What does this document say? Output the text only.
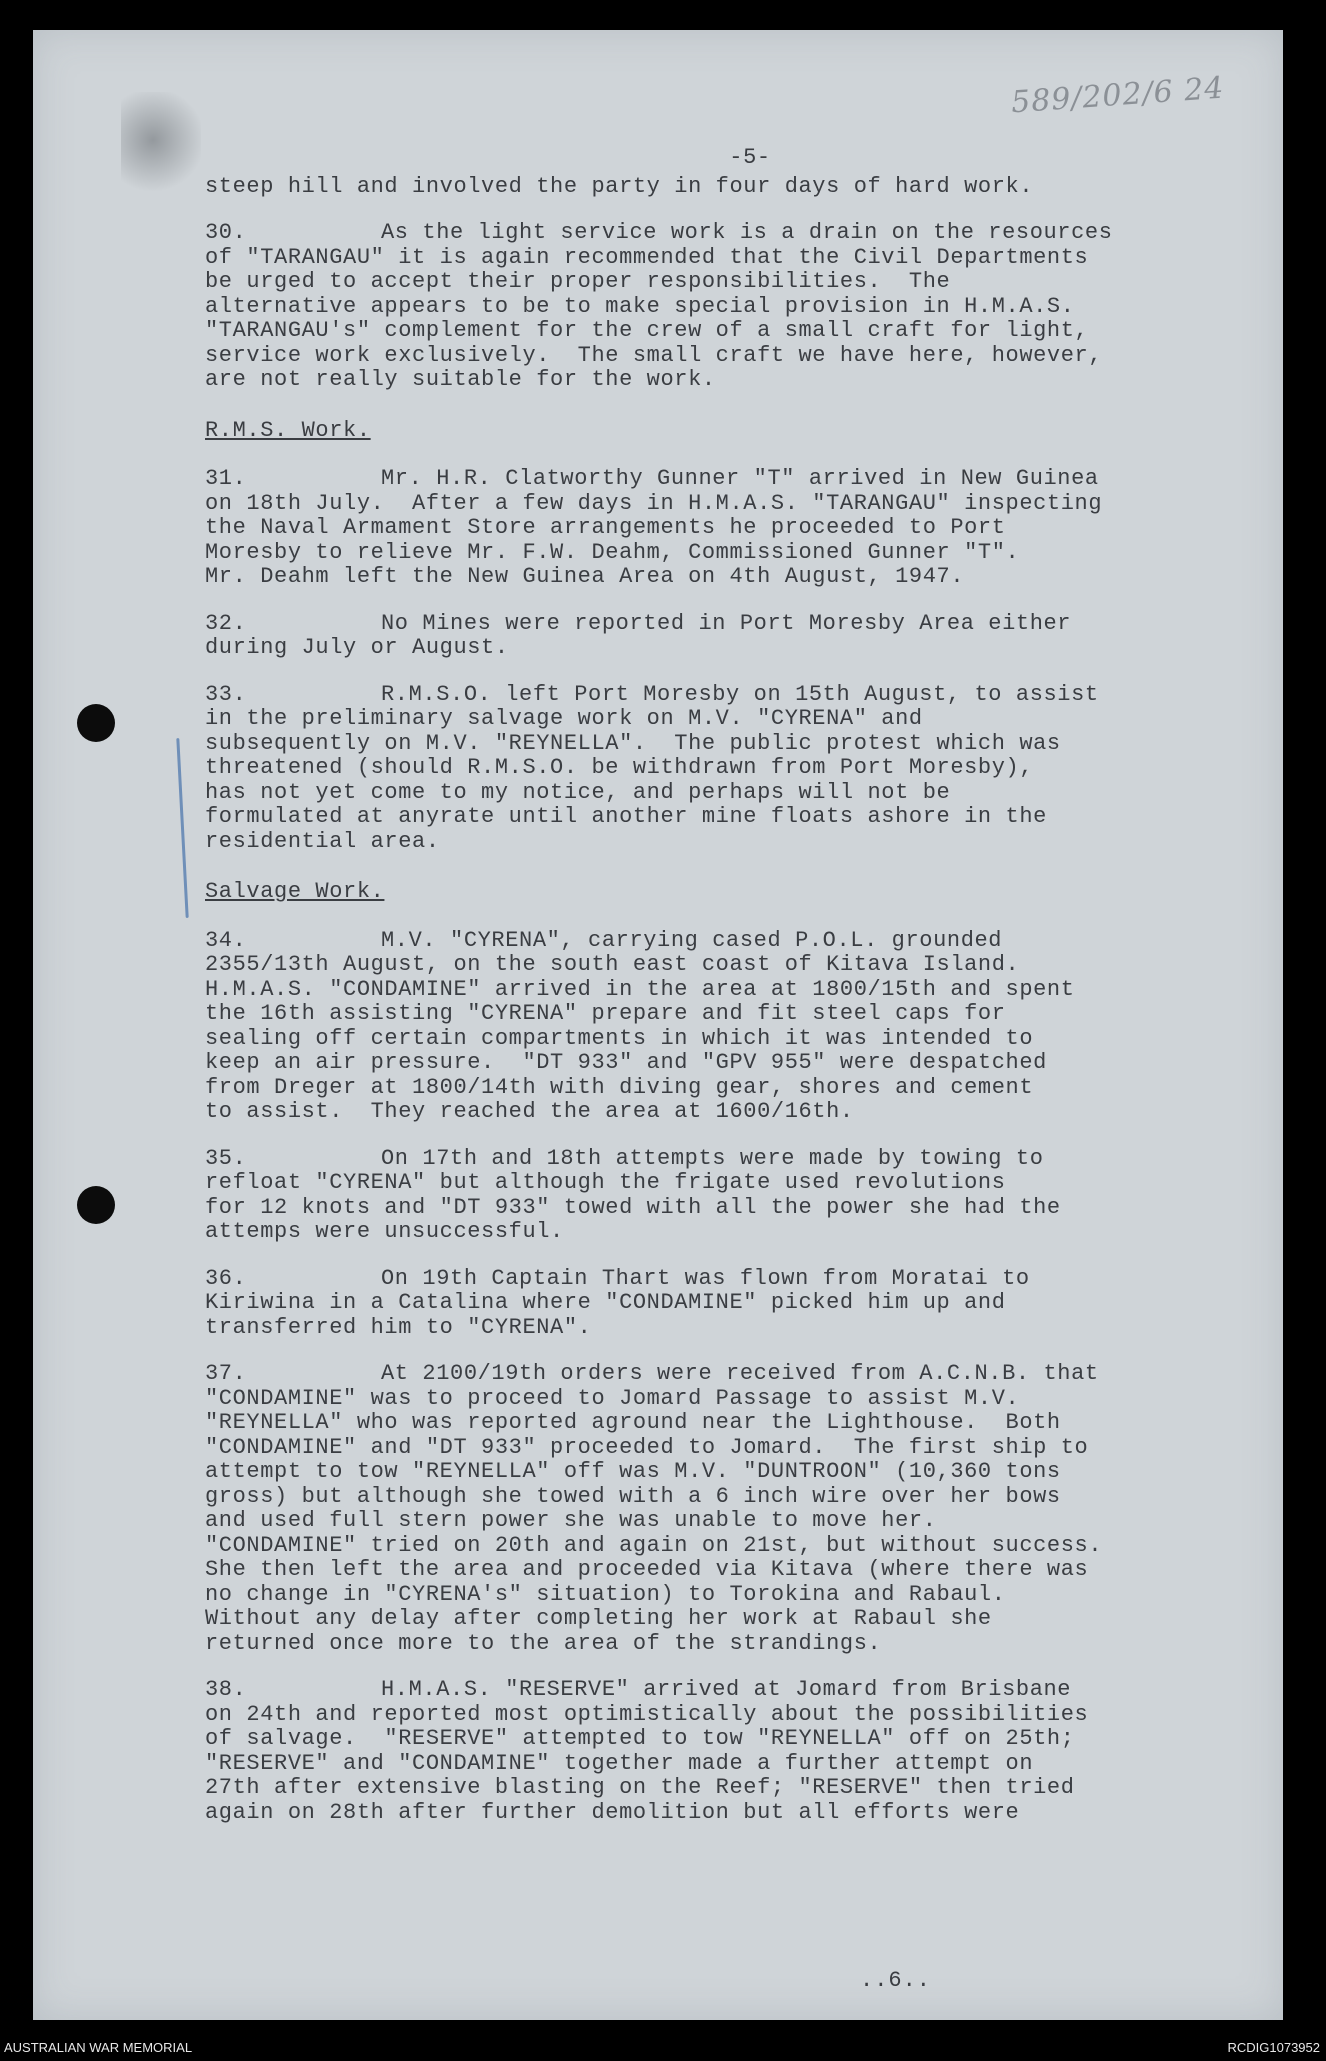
589/202/6 24
-5-
steep hill and involved the party in four days of hard work.
30.	As the light service work is a drain on the resources
of "TARANGAU" it is again recommended that the Civil Departments
be urged to accept their proper responsibilities.  The
alternative appears to be to make special provision in H.M.A.S.
"TARANGAU's" complement for the crew of a small craft for light,
service work exclusively.  The small craft we have here, however,
are not really suitable for the work.
R.M.S. Work.
31.	Mr. H.R. Clatworthy Gunner "T" arrived in New Guinea
on 18th July.  After a few days in H.M.A.S. "TARANGAU" inspecting
the Naval Armament Store arrangements he proceeded to Port
Moresby to relieve Mr. F.W. Deahm, Commissioned Gunner "T".
Mr. Deahm left the New Guinea Area on 4th August, 1947.
32.	No Mines were reported in Port Moresby Area either
during July or August.
33.	R.M.S.O. left Port Moresby on 15th August, to assist
in the preliminary salvage work on M.V. "CYRENA" and
subsequently on M.V. "REYNELLA".  The public protest which was
threatened (should R.M.S.O. be withdrawn from Port Moresby),
has not yet come to my notice, and perhaps will not be
formulated at anyrate until another mine floats ashore in the
residential area.
Salvage Work.
34.	M.V. "CYRENA", carrying cased P.O.L. grounded
2355/13th August, on the south east coast of Kitava Island.
H.M.A.S. "CONDAMINE" arrived in the area at 1800/15th and spent
the 16th assisting "CYRENA" prepare and fit steel caps for
sealing off certain compartments in which it was intended to
keep an air pressure.  "DT 933" and "GPV 955" were despatched
from Dreger at 1800/14th with diving gear, shores and cement
to assist.  They reached the area at 1600/16th.
35.	On 17th and 18th attempts were made by towing to
refloat "CYRENA" but although the frigate used revolutions
for 12 knots and "DT 933" towed with all the power she had the
attemps were unsuccessful.
36.	On 19th Captain Thart was flown from Moratai to
Kiriwina in a Catalina where "CONDAMINE" picked him up and
transferred him to "CYRENA".
37.	At 2100/19th orders were received from A.C.N.B. that
"CONDAMINE" was to proceed to Jomard Passage to assist M.V.
"REYNELLA" who was reported aground near the Lighthouse.  Both
"CONDAMINE" and "DT 933" proceeded to Jomard.  The first ship to
attempt to tow "REYNELLA" off was M.V. "DUNTROON" (10,360 tons
gross) but although she towed with a 6 inch wire over her bows
and used full stern power she was unable to move her.
"CONDAMINE" tried on 20th and again on 21st, but without success.
She then left the area and proceeded via Kitava (where there was
no change in "CYRENA's" situation) to Torokina and Rabaul.
Without any delay after completing her work at Rabaul she
returned once more to the area of the strandings.
38.	H.M.A.S. "RESERVE" arrived at Jomard from Brisbane
on 24th and reported most optimistically about the possibilities
of salvage.  "RESERVE" attempted to tow "REYNELLA" off on 25th;
"RESERVE" and "CONDAMINE" together made a further attempt on
27th after extensive blasting on the Reef; "RESERVE" then tried
again on 28th after further demolition but all efforts were
..6..
AUSTRALIAN WAR MEMORIAL	RCDIG1073952
